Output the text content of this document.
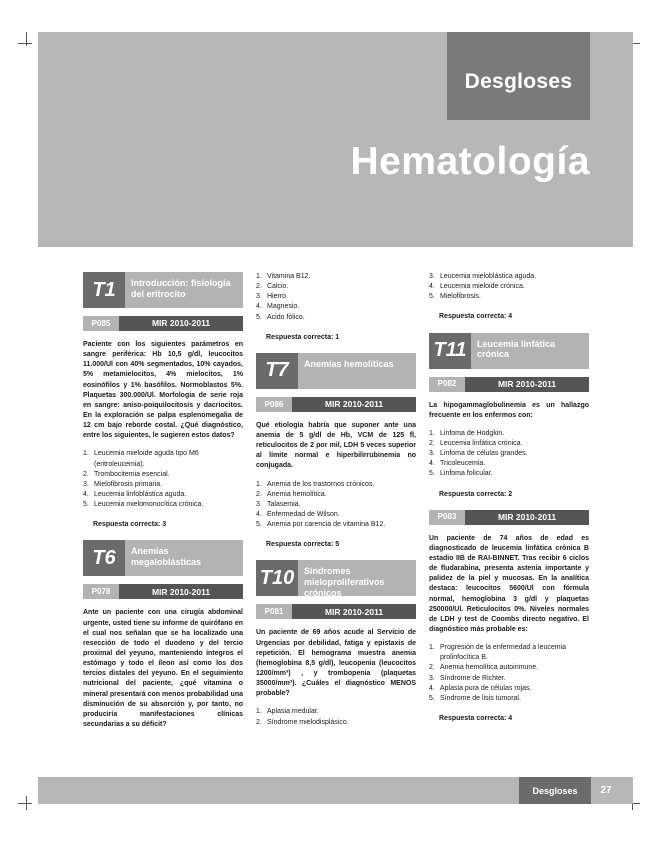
Desgloses
Hematología
T1	Introducción: fisiología del eritrocito
P085	MIR 2010-2011

Paciente con los siguientes parámetros en sangre periférica: Hb 10,5 g/dl, leucocitos 11.000/Ul con 40% segmentados, 10% cayados, 5% metamielocitos, 4% mielocitos, 1% eosinófilos y 1% basófilos. Normoblastos 5%. Plaquetas 300.000/Ul. Morfología de serie roja en sangre: aniso-poiquilocitosis y dacriocitos. En la exploración se palpa esplenomegalia de 12 cm bajo reborde costal. ¿Qué diagnóstico, entre los siguientes, le sugieren estos datos?

1. Leucemia mieloide aguda tipo M6 (eritroleucemia).
2. Trombocitemia esencial.
3. Mielofibrosis primaria.
4. Leucemia linfoblástica aguda.
5. Leucemia mielomonocítica crónica.

Respuesta correcta: 3

T6	Anemias megaloblásticas
P078	MIR 2010-2011

Ante un paciente con una cirugía abdominal urgente, usted tiene su informe de quirófano en el cual nos señalan que se ha localizado una resección de todo el duodeno y del tercio proximal del yeyuno, manteniendo íntegros el estómago y todo el íleon así como los dos tercios distales del yeyuno. En el seguimiento nutricional del paciente, ¿qué vitamina o mineral presentará con menos probabilidad una disminución de su absorción y, por tanto, no produciría manifestaciones clínicas secundarias a su déficit?

1. Vitamina B12.
2. Calcio.
3. Hierro.
4. Magnesio.
5. Acido fólico.

Respuesta correcta: 1

T7	Anemias hemolíticas
P086	MIR 2010-2011

Qué etiología habría que suponer ante una anemia de 5 g/dl de Hb, VCM de 125 fl, reticulocitos de 2 por mil, LDH 5 veces superior al límite normal e hiperbilirrubinemia no conjugada.

1. Anemia de los trastornos crónicos.
2. Anemia hemolítica.
3. Talasemia.
4. Enfermedad de Wilson.
5. Anemia por carencia de vitamina B12.

Respuesta correcta: 5

T10	Síndromes mieloproliferativos crónicos
P081	MIR 2010-2011

Un paciente de 69 años acude al Servicio de Urgencias por debilidad, fatiga y epistaxis de repetición. El hemograma muestra anemia (hemoglobina 8,5 g/dl), leucopenia (leucocitos 1200/mm³) , y trombopenia (plaquetas 35000/mm³). ¿Cuáles el diagnóstico MENOS probable?

1. Aplasia medular.
2. Síndrome mielodisplásico.
3. Leucemia mieloblástica aguda.
4. Leucemia mieloide crónica.
5. Mielofibrosis.

Respuesta correcta: 4

T11	Leucemia linfática crónica
P082	MIR 2010-2011

La hipogammaglobulinemia es un hallazgo frecuente en los enfermos con:

1. Linfoma de Hodgkin.
2. Leucemia linfática crónica.
3. Linfoma de células grandes.
4. Tricoleucemia.
5. Linfoma folicular.

Respuesta correcta: 2

P083	MIR 2010-2011

Un paciente de 74 años de edad es diagnosticado de leucemia linfática crónica B estadio IIB de RAI-BINNET. Tras recibir 6 ciclos de fludarabina, presenta astenia importante y palidez de la piel y mucosas. En la analítica destaca: leucocitos 5600/Ul con fórmula normal, hemoglobina 3 g/dl y plaquetas 250000/Ul. Reticulocitos 0%. Niveles normales de LDH y test de Coombs directo negativo. El diagnóstico más probable es:

1. Progresión de la enfermedad a leucemia prolinfocítica B.
2. Anemia hemolítica autoinmune.
3. Síndrome de Richter.
4. Aplasia pura de células rojas.
5. Síndrome de lisis tumoral.

Respuesta correcta: 4

Desgloses	27
